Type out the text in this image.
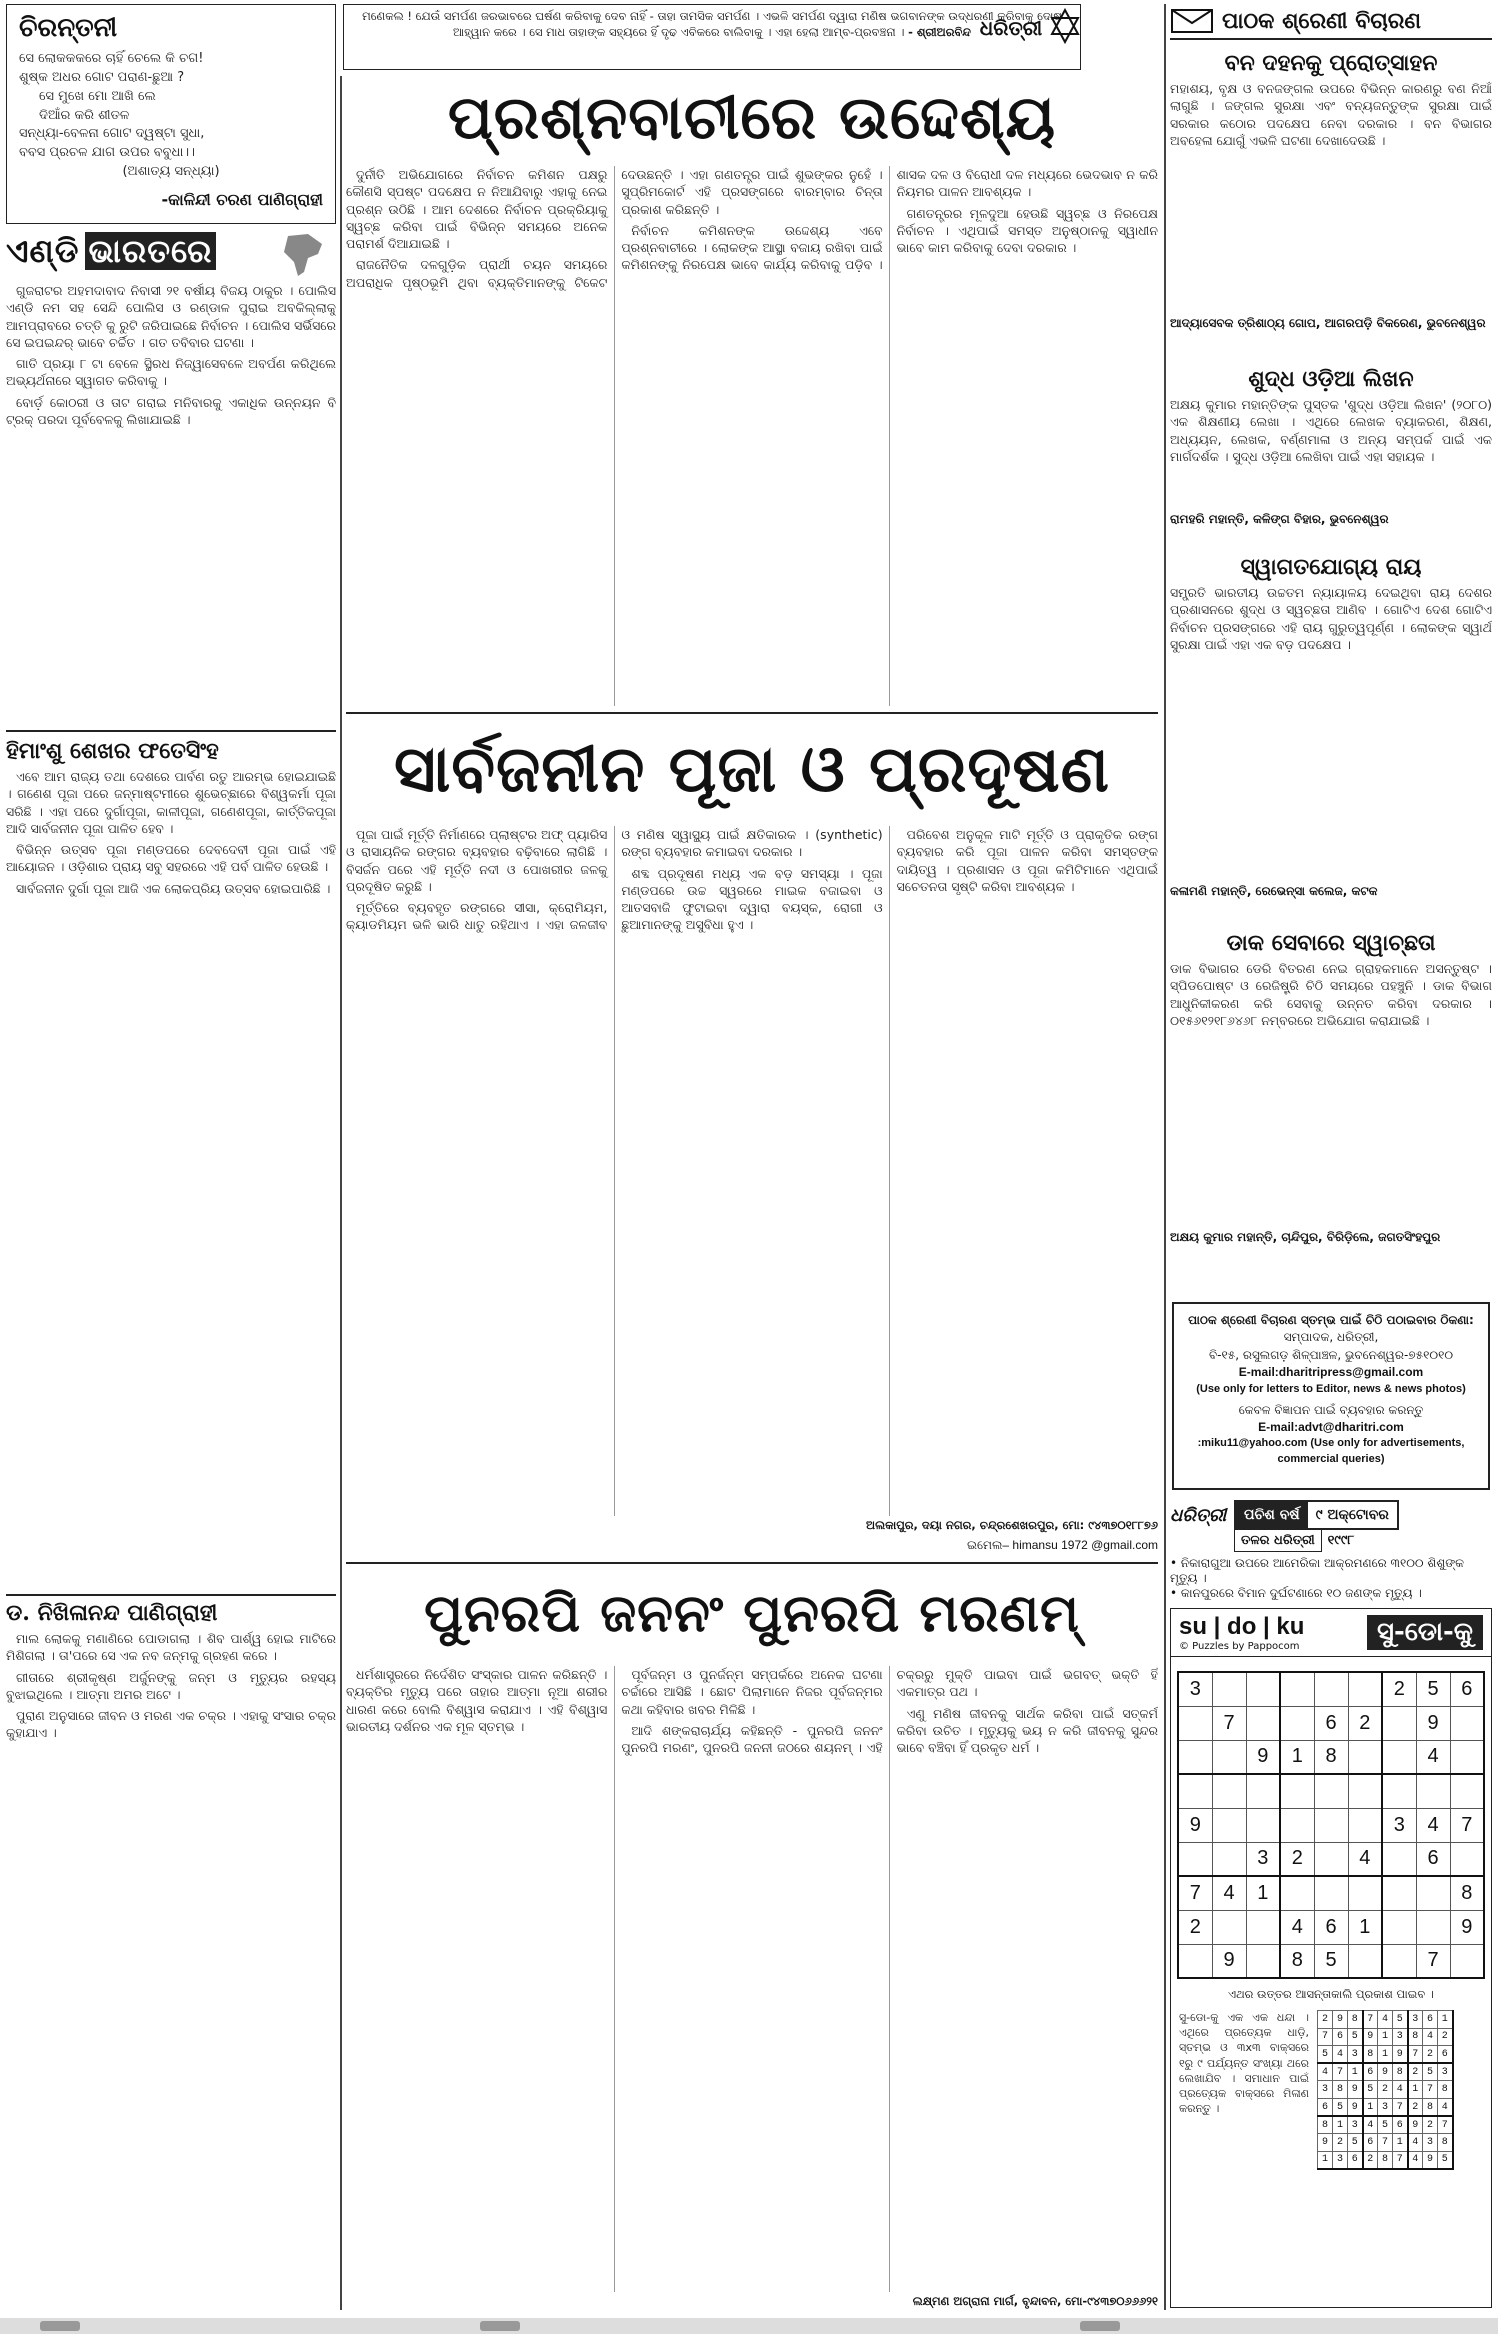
ମଣେକଲ ! ଯେଉଁ ସମର୍ପଣ ଜରଭାବରେ ଘର୍ଷଣ କରିବାକୁ ଦେବ ନାହିଁ - ତାହା ତାମସିକ ସମର୍ପଣ । ଏଭଳି ସମର୍ପଣ ଦ୍ୱାରା ମଣିଷ ଭଗବାନଙ୍କ ଉଦ୍ଧରଣୀ କରିବାକୁ ଦୋଷ ଆହ୍ୱାନ କରେ । ସେ ମାଧ ତାହାଙ୍କ ସହ୍ୟରେ ହିଁ ଦୃଢ ଏବିକରେ ବାଲିବାକୁ । ଏହା ହେଲା ଆମ୍ବ-ପ୍ରବଞ୍ଚନା । - ଶ୍ରୀଅରବିନ୍ଦ ଧରିତ୍ରୀ
ଚିରନ୍ତନୀ
ସେ ଲୋକକକରେ ଚାହିଁ ଚେଲେ କି ଚଗ!
ଶୁଷ୍କ ଅଧର ଗୋଟ ପରାଣ-ଛୁଆ ?
ସେ ମୁଖେ ମୋ ଆଖି ଲେ
ଦିଆଁର କରି ଶୀତଳ
ସନ୍ଧ୍ୟା-ବେଳନା ଗୋଟ ଦ୍ୱଷ୍ଟା ସୁଧା,
ବବସ ପ୍ରଚଳ ଯାଗ ଉପର ବବୁଧା।।
(ଅଶାତ୍ୟ ସନ୍ଧ୍ୟା)
-କାଳିନ୍ଦୀ ଚରଣ ପାଣିଗ୍ରାହୀ
ଏଣ୍ଡି ଭାରତରେ

ଗୁଜରାଟର ଅହମଦାବାଦ ନିବାସୀ ୨୧ ବର୍ଷୀୟ ବିଜୟ ଠାକୁର । ପୋଲିସ ଏଣ୍ଡି ନମ ସହ ସେନ୍ଦି ପୋଲିସ ଓ ରଣ୍ଡାଳ ପୁରାଇ ଅବକିଲ୍ଲାକୁ ଆମପ୍ରାବରେ ଚତ୍ତି କୁ ରୁଟି ଜରିପାଇଛେ ନିର୍ବାଚନ । ପୋଲିସ ସର୍ଭିସରେ ସେ ଇପଇନ୍ଦର୍ ଭାବେ ଚର୍ଚ୍ଚିତ । ଗତ ତବିବାର ଘଟଣା ।

ଗାତି ପ୍ରୟା ୮ ଟା ବେଳେ ସ୍ଥିରଧ ନିଜ୍ୱାସେବଳେ ଅବର୍ପଣ କରିଥିଲେ ଅଭ୍ୟର୍ଥନାରେ ସ୍ୱାଗତ କରିବାକୁ ।

ବୋର୍ଡ଼ କୋଠରୀ ଓ ତାଟ ଗରାଇ ମନିବାରକୁ ଏକାଧିକ ଉନ୍ନୟନ ବି ଟ୍ରକ୍ ପରଦା ପୂର୍ବବେଳକୁ ଲିଖାଯାଇଛି ।

ହିମାଂଶୁ ଶେଖର ଫତେସିଂହ

ଏବେ ଆମ ରାଜ୍ୟ ତଥା ଦେଶରେ ପାର୍ବଣ ରତୁ ଆରମ୍ଭ ହୋଇଯାଇଛି । ଗଣେଶ ପୂଜା ପରେ ଜନ୍ମାଷ୍ଟମୀରେ ଶୁଭେଚ୍ଛାରେ ବିଶ୍ୱକର୍ମା ପୂଜା ସରିଛି । ଏହା ପରେ ଦୁର୍ଗାପୂଜା, କାଳୀପୂଜା, ଗଣେଶପୂଜା, କାର୍ତ୍ତିକପୂଜା ଆଦି ସାର୍ବଜନୀନ ପୂଜା ପାଳିତ ହେବ ।

ବିଭିନ୍ନ ଉତ୍ସବ ପୂଜା ମଣ୍ଡପରେ ଦେବଦେବୀ ପୂଜା ପାଇଁ ଏହି ଆୟୋଜନ । ଓଡ଼ିଶାର ପ୍ରାୟ ସବୁ ସହରରେ ଏହି ପର୍ବ ପାଳିତ ହେଉଛି ।

ସାର୍ବଜନୀନ ଦୁର୍ଗା ପୂଜା ଆଜି ଏକ ଲୋକପ୍ରିୟ ଉତ୍ସବ ହୋଇପାରିଛି ।

ଡ. ନିଖିଳାନନ୍ଦ ପାଣିଗ୍ରାହୀ

ମାଲ ଲୋକକୁ ମଣାଣିରେ ପୋଡାଗଲା । ଶିବ ପାର୍ଶ୍ୱ ହୋଇ ମାଟିରେ ମିଶିଗଲା । ତା'ପରେ ସେ ଏକ ନବ ଜନ୍ମକୁ ଗ୍ରହଣ କରେ ।

ଗୀତାରେ ଶ୍ରୀକୃଷ୍ଣ ଅର୍ଜୁନଙ୍କୁ ଜନ୍ମ ଓ ମୃତ୍ୟୁର ରହସ୍ୟ ବୁଝାଇଥିଲେ । ଆତ୍ମା ଅମର ଅଟେ ।

ପୁରାଣ ଅନୁସାରେ ଜୀବନ ଓ ମରଣ ଏକ ଚକ୍ର । ଏହାକୁ ସଂସାର ଚକ୍ର କୁହାଯାଏ ।

ପ୍ରଶ୍ନବାଚୀରେ ଉଦ୍ଦେଶ୍ୟ

ଦୁର୍ନୀତି ଅଭିଯୋଗରେ ନିର୍ବାଚନ କମିଶନ ପକ୍ଷରୁ କୌଣସି ସ୍ପଷ୍ଟ ପଦକ୍ଷେପ ନ ନିଆଯିବାରୁ ଏହାକୁ ନେଇ ପ୍ରଶ୍ନ ଉଠିଛି । ଆମ ଦେଶରେ ନିର୍ବାଚନ ପ୍ରକ୍ରିୟାକୁ ସ୍ୱଚ୍ଛ କରିବା ପାଇଁ ବିଭିନ୍ନ ସମୟରେ ଅନେକ ପରାମର୍ଶ ଦିଆଯାଇଛି ।

ରାଜନୈତିକ ଦଳଗୁଡ଼ିକ ପ୍ରାର୍ଥୀ ଚୟନ ସମୟରେ ଅପରାଧିକ ପୃଷ୍ଠଭୂମି ଥିବା ବ୍ୟକ୍ତିମାନଙ୍କୁ ଟିକେଟ ଦେଉଛନ୍ତି । ଏହା ଗଣତନ୍ତ୍ର ପାଇଁ ଶୁଭଙ୍କର ନୁହେଁ । ସୁପ୍ରିମକୋର୍ଟ ଏହି ପ୍ରସଙ୍ଗରେ ବାରମ୍ବାର ଚିନ୍ତା ପ୍ରକାଶ କରିଛନ୍ତି ।

ନିର୍ବାଚନ କମିଶନଙ୍କ ଉଦ୍ଦେଶ୍ୟ ଏବେ ପ୍ରଶ୍ନବାଚୀରେ । ଲୋକଙ୍କ ଆସ୍ଥା ବଜାୟ ରଖିବା ପାଇଁ କମିଶନଙ୍କୁ ନିରପେକ୍ଷ ଭାବେ କାର୍ଯ୍ୟ କରିବାକୁ ପଡ଼ିବ । ଶାସକ ଦଳ ଓ ବିରୋଧୀ ଦଳ ମଧ୍ୟରେ ଭେଦଭାବ ନ କରି ନିୟମର ପାଳନ ଆବଶ୍ୟକ ।

ଗଣତନ୍ତ୍ରର ମୂଳଦୁଆ ହେଉଛି ସ୍ୱଚ୍ଛ ଓ ନିରପେକ୍ଷ ନିର୍ବାଚନ । ଏଥିପାଇଁ ସମସ୍ତ ଅନୁଷ୍ଠାନକୁ ସ୍ୱାଧୀନ ଭାବେ କାମ କରିବାକୁ ଦେବା ଦରକାର ।

ସାର୍ବଜନୀନ ପୂଜା ଓ ପ୍ରଦୂଷଣ

ପୂଜା ପାଇଁ ମୂର୍ତ୍ତି ନିର୍ମାଣରେ ପ୍ଲାଷ୍ଟର ଅଫ୍ ପ୍ୟାରିସ ଓ ରାସାୟନିକ ରଙ୍ଗର ବ୍ୟବହାର ବଢ଼ିବାରେ ଲାଗିଛି । ବିସର୍ଜନ ପରେ ଏହି ମୂର୍ତ୍ତି ନଦୀ ଓ ପୋଖରୀର ଜଳକୁ ପ୍ରଦୂଷିତ କରୁଛି ।

ମୂର୍ତ୍ତିରେ ବ୍ୟବହୃତ ରଙ୍ଗରେ ସୀସା, କ୍ରୋମିୟମ, କ୍ୟାଡମିୟମ ଭଳି ଭାରି ଧାତୁ ରହିଥାଏ । ଏହା ଜଳଜୀବ ଓ ମଣିଷ ସ୍ୱାସ୍ଥ୍ୟ ପାଇଁ କ୍ଷତିକାରକ । (synthetic) ରଙ୍ଗ ବ୍ୟବହାର କମାଇବା ଦରକାର ।

ଶବ୍ଦ ପ୍ରଦୂଷଣ ମଧ୍ୟ ଏକ ବଡ଼ ସମସ୍ୟା । ପୂଜା ମଣ୍ଡପରେ ଉଚ୍ଚ ସ୍ୱରରେ ମାଇକ ବଜାଇବା ଓ ଆତସବାଜି ଫୁଟାଇବା ଦ୍ୱାରା ବୟସ୍କ, ରୋଗୀ ଓ ଛୁଆମାନଙ୍କୁ ଅସୁବିଧା ହୁଏ ।

ପରିବେଶ ଅନୁକୂଳ ମାଟି ମୂର୍ତ୍ତି ଓ ପ୍ରାକୃତିକ ରଙ୍ଗ ବ୍ୟବହାର କରି ପୂଜା ପାଳନ କରିବା ସମସ୍ତଙ୍କ ଦାୟିତ୍ୱ । ପ୍ରଶାସନ ଓ ପୂଜା କମିଟିମାନେ ଏଥିପାଇଁ ସଚେତନତା ସୃଷ୍ଟି କରିବା ଆବଶ୍ୟକ ।

ଅଲକାପୁର, ଦୟା ନଗର, ଚନ୍ଦ୍ରଶେଖରପୁର, ମୋ: ୯୪୩୭୦୧୮୮୭୬
ଇମେଲ– himansu 1972 @gmail.com
ପୁନରପି ଜନନଂ ପୁନରପି ମରଣମ୍

ଧର୍ମଶାସ୍ତ୍ରରେ ନିର୍ଦେଶିତ ସଂସ୍କାର ପାଳନ କରିଛନ୍ତି । ବ୍ୟକ୍ତିର ମୃତ୍ୟୁ ପରେ ତାହାର ଆତ୍ମା ନୂଆ ଶରୀର ଧାରଣ କରେ ବୋଲି ବିଶ୍ୱାସ କରାଯାଏ । ଏହି ବିଶ୍ୱାସ ଭାରତୀୟ ଦର୍ଶନର ଏକ ମୂଳ ସ୍ତମ୍ଭ ।

ପୂର୍ବଜନ୍ମ ଓ ପୁନର୍ଜନ୍ମ ସମ୍ପର୍କରେ ଅନେକ ଘଟଣା ଚର୍ଚ୍ଚାରେ ଆସିଛି । ଛୋଟ ପିଲାମାନେ ନିଜର ପୂର୍ବଜନ୍ମର କଥା କହିବାର ଖବର ମିଳିଛି ।

ଆଦି ଶଙ୍କରାଚାର୍ଯ୍ୟ କହିଛନ୍ତି - ପୁନରପି ଜନନଂ ପୁନରପି ମରଣଂ, ପୁନରପି ଜନନୀ ଜଠରେ ଶୟନମ୍ । ଏହି ଚକ୍ରରୁ ମୁକ୍ତି ପାଇବା ପାଇଁ ଭଗବତ୍ ଭକ୍ତି ହିଁ ଏକମାତ୍ର ପଥ ।

ଏଣୁ ମଣିଷ ଜୀବନକୁ ସାର୍ଥକ କରିବା ପାଇଁ ସତ୍କର୍ମ କରିବା ଉଚିତ । ମୃତ୍ୟୁକୁ ଭୟ ନ କରି ଜୀବନକୁ ସୁନ୍ଦର ଭାବେ ବଞ୍ଚିବା ହିଁ ପ୍ରକୃତ ଧର୍ମ ।

ଲକ୍ଷ୍ମଣ ଅଗ୍ରାନା ମାର୍ଗ, ବୃନ୍ଦାବନ, ମୋ-୯୪୩୭୦୬୬୬୨୧
ପାଠକ ଶ୍ରେଣୀ ବିଚାରଣ
ବନ ଦହନକୁ ପ୍ରୋତ୍ସାହନ
ମହାଶୟ, ବୃକ୍ଷ ଓ ବନଜଙ୍ଗଲ ଉପରେ ବିଭିନ୍ନ କାରଣରୁ ବଣ ନିଆଁ ଲାଗୁଛି । ଜଙ୍ଗଲ ସୁରକ୍ଷା ଏବଂ ବନ୍ୟଜନ୍ତୁଙ୍କ ସୁରକ୍ଷା ପାଇଁ ସରକାର କଠୋର ପଦକ୍ଷେପ ନେବା ଦରକାର । ବନ ବିଭାଗର ଅବହେଳା ଯୋଗୁଁ ଏଭଳି ଘଟଣା ଦେଖାଦେଉଛି ।
ଆଦ୍ୟାସେବକ ତ୍ରିଶାଠ୍ୟ ଗୋପ, ଆଗରପଡ଼ି ବିକରେଣ, ଭୁବନେଶ୍ୱର
ଶୁଦ୍ଧ ଓଡ଼ିଆ ଲିଖନ
ଅକ୍ଷୟ କୁମାର ମହାନ୍ତିଙ୍କ ପୁସ୍ତକ 'ଶୁଦ୍ଧ ଓଡ଼ିଆ ଲିଖନ' (୨୦୮୦) ଏକ ଶିକ୍ଷଣୀୟ ଲେଖା । ଏଥିରେ ଲେଖକ ବ୍ୟାକରଣ, ଶିକ୍ଷଣ, ଅଧ୍ୟୟନ, ଲେଖକ, ବର୍ଣ୍ଣମାଳା ଓ ଅନ୍ୟ ସମ୍ପର୍କ ପାଇଁ ଏକ ମାର୍ଗଦର୍ଶକ । ସୁଦ୍ଧ ଓଡ଼ିଆ ଲେଖିବା ପାଇଁ ଏହା ସହାୟକ ।
ରାମହରି ମହାନ୍ତି, କଳିଙ୍ଗ ବିହାର, ଭୁବନେଶ୍ୱର
ସ୍ୱାଗତଯୋଗ୍ୟ ରାୟ
ସମ୍ପ୍ରତି ଭାରତୀୟ ଉଚ୍ଚତମ ନ୍ୟାୟାଳୟ ଦେଇଥିବା ରାୟ ଦେଶର ପ୍ରଶାସନରେ ଶୁଦ୍ଧ ଓ ସ୍ୱଚ୍ଛତା ଆଣିବ । ଗୋଟିଏ ଦେଶ ଗୋଟିଏ ନିର୍ବାଚନ ପ୍ରସଙ୍ଗରେ ଏହି ରାୟ ଗୁରୁତ୍ୱପୂର୍ଣ୍ଣ । ଲୋକଙ୍କ ସ୍ୱାର୍ଥ ସୁରକ୍ଷା ପାଇଁ ଏହା ଏକ ବଡ଼ ପଦକ୍ଷେପ ।
କଳାମଣି ମହାନ୍ତି, ରେଭେନ୍ସା କଲେଜ, କଟକ
ଡାକ ସେବାରେ ସ୍ୱାଚ୍ଛତା
ଡାକ ବିଭାଗର ଡେରି ବିତରଣ ନେଇ ଗ୍ରାହକମାନେ ଅସନ୍ତୁଷ୍ଟ । ସ୍ପିଡପୋଷ୍ଟ ଓ ରେଜିଷ୍ଟ୍ରି ଚିଠି ସମୟରେ ପହଞ୍ଚୁନି । ଡାକ ବିଭାଗ ଆଧୁନିକୀକରଣ କରି ସେବାକୁ ଉନ୍ନତ କରିବା ଦରକାର । ୦୧୫୬୧୨୧୮୬୪୬୮ ନମ୍ବରରେ ଅଭିଯୋଗ କରାଯାଇଛି ।
ଅକ୍ଷୟ କୁମାର ମହାନ୍ତି, ଚାନ୍ଦିପୁର, ବିରିଡ଼ିଲେ, ଜଗତସିଂହପୁର
ପାଠକ ଶ୍ରେଣୀ ବିଚାରଣ ସ୍ତମ୍ଭ ପାଇଁ ଚିଠି ପଠାଇବାର ଠିକଣା:
ସମ୍ପାଦକ, ଧରିତ୍ରୀ,
ବି-୧୫, ରସୁଲଗଡ଼ ଶିଳ୍ପାଞ୍ଚଳ, ଭୁବନେଶ୍ୱର-୭୫୧୦୧୦
E-mail:dharitripress@gmail.com
(Use only for letters to Editor, news & news photos)
କେବଳ ବିଜ୍ଞାପନ ପାଇଁ ବ୍ୟବହାର କରନ୍ତୁ
E-mail:advt@dharitri.com
:miku11@yahoo.com (Use only for advertisements, commercial queries)
ଧରିତ୍ରୀ	ପଚିଶ ବର୍ଷ	୯ ଅକ୍ଟୋବର
ତଳର ଧରିତ୍ରୀ	୧୯୯୮
• ନିକାରାଗୁଆ ଉପରେ ଆମେରିକା ଆକ୍ରମଣରେ ୩୧୦୦ ଶିଶୁଙ୍କ ମୃତ୍ୟୁ ।
• କାନପୁରରେ ବିମାନ ଦୁର୍ଘଟଣାରେ ୧୦ ଜଣଙ୍କ ମୃତ୍ୟୁ ।
su | do | ku
© Puzzles by Pappocom	ସୁ-ଡୋ-କୁ
3						2	5	6
	7			6	2		9	
		9	1	8			4	

9						3	4	7
		3	2		4		6	
7	4	1						8
2			4	6	1			9
	9		8	5			7	
ଏଥର ଉତ୍ତର ଆସନ୍ତାକାଲି ପ୍ରକାଶ ପାଇବ ।
ସୁ-ଡୋ-କୁ ଏକ ଏକ ଧନ୍ଦା । ଏଥିରେ ପ୍ରତ୍ୟେକ ଧାଡ଼ି, ସ୍ତମ୍ଭ ଓ ୩x୩ ବାକ୍ସରେ ୧ରୁ ୯ ପର୍ଯ୍ୟନ୍ତ ସଂଖ୍ୟା ଥରେ ଲେଖାଯିବ । ସମାଧାନ ପାଇଁ ପ୍ରତ୍ୟେକ ବାକ୍ସରେ ମିଳାଣ କରନ୍ତୁ ।
2	9	8	7	4	5	3	6	1
7	6	5	9	1	3	8	4	2
5	4	3	8	1	9	7	2	6
4	7	1	6	9	8	2	5	3
3	8	9	5	2	4	1	7	8
6	5	9	1	3	7	2	8	4
8	1	3	4	5	6	9	2	7
9	2	5	6	7	1	4	3	8
1	3	6	2	8	7	4	9	5
